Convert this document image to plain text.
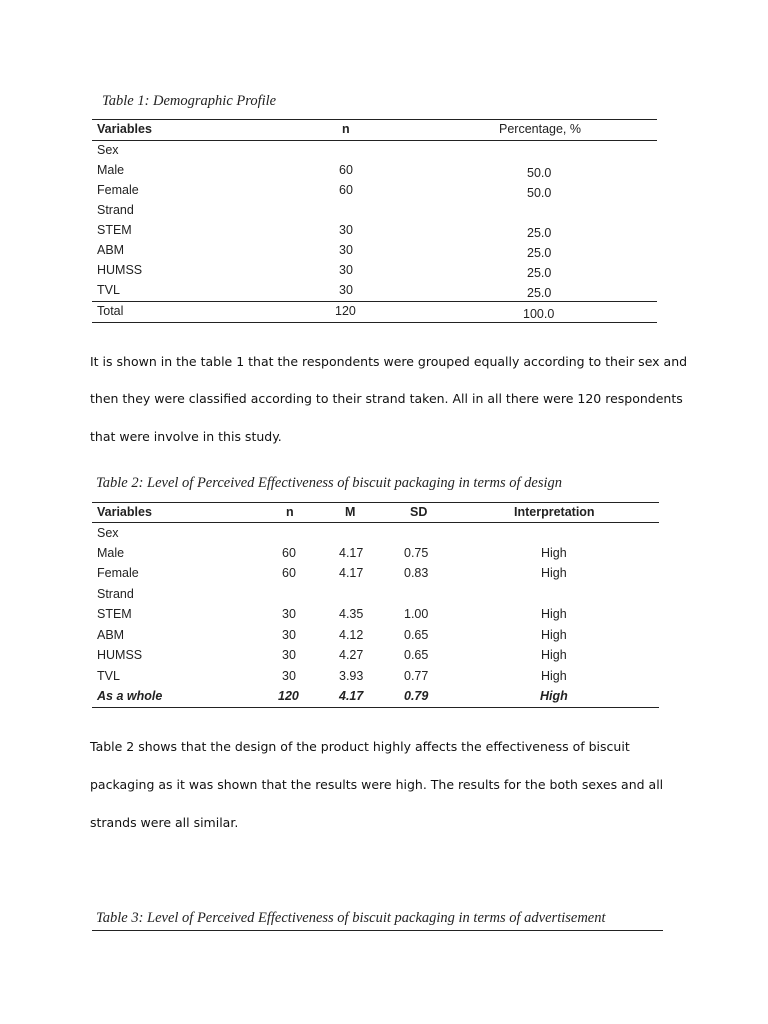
Table 1: Demographic Profile
Variables	n	Percentage, %
Sex
Male	60	50.0
Female	60	50.0
Strand
STEM	30	25.0
ABM	30	25.0
HUMSS	30	25.0
TVL	30	25.0
Total	120	100.0
It is shown in the table 1 that the respondents were grouped equally according to their sex and
then they were classified according to their strand taken. All in all there were 120 respondents
that were involve in this study.
Table 2: Level of Perceived Effectiveness of biscuit packaging in terms of design
Variables	n	M	SD	Interpretation
Sex
Male	60	4.17	0.75	High
Female	60	4.17	0.83	High
Strand
STEM	30	4.35	1.00	High
ABM	30	4.12	0.65	High
HUMSS	30	4.27	0.65	High
TVL	30	3.93	0.77	High
As a whole	120	4.17	0.79	High
Table 2 shows that the design of the product highly affects the effectiveness of biscuit
packaging as it was shown that the results were high. The results for the both sexes and all
strands were all similar.
Table 3: Level of Perceived Effectiveness of biscuit packaging in terms of advertisement
